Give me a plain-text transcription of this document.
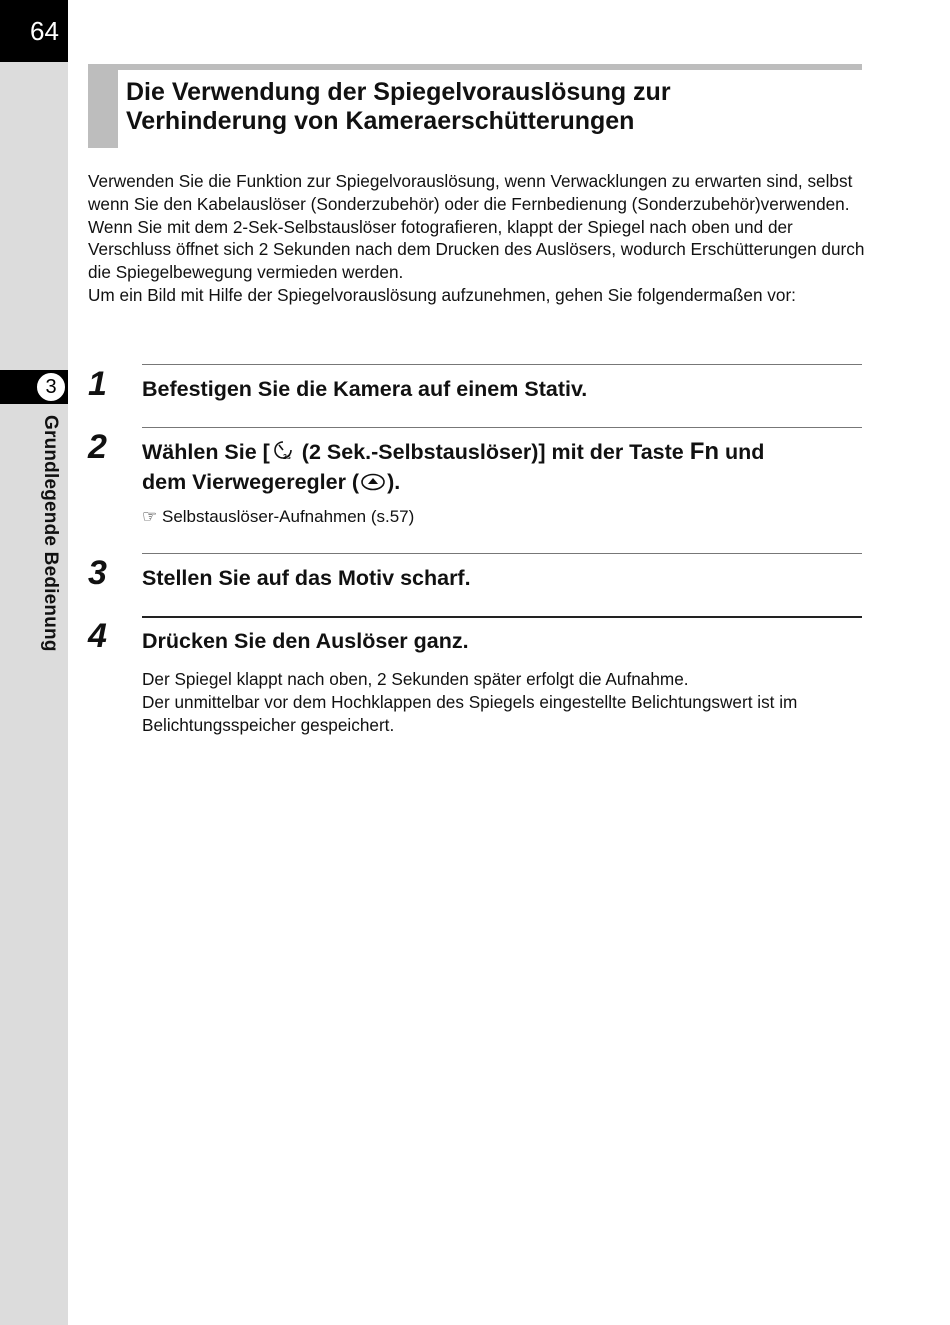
64
3
Grundlegende Bedienung
Die Verwendung der Spiegelvorauslösung zur
Verhinderung von Kameraerschütterungen

Verwenden Sie die Funktion zur Spiegelvorauslösung, wenn Verwacklungen zu erwarten sind, selbst wenn Sie den Kabelauslöser (Sonderzubehör) oder die Fernbedienung (Sonderzubehör)verwenden.

Wenn Sie mit dem 2-Sek-Selbstauslöser fotografieren, klappt der Spiegel nach oben und der Verschluss öffnet sich 2 Sekunden nach dem Drucken des Auslösers, wodurch Erschütterungen durch die Spiegelbewegung vermieden werden.

Um ein Bild mit Hilfe der Spiegelvorauslösung aufzunehmen, gehen Sie folgendermaßen vor:

1 Befestigen Sie die Kamera auf einem Stativ.
2 Wählen Sie [ 2s (2 Sek.-Selbstauslöser)] mit der Taste Fn und
dem Vierwegeregler ( ).
☞ Selbstauslöser-Aufnahmen (s.57)
3 Stellen Sie auf das Motiv scharf.
4 Drücken Sie den Auslöser ganz.

Der Spiegel klappt nach oben, 2 Sekunden später erfolgt die Aufnahme.

Der unmittelbar vor dem Hochklappen des Spiegels eingestellte Belichtungswert ist im Belichtungsspeicher gespeichert.
